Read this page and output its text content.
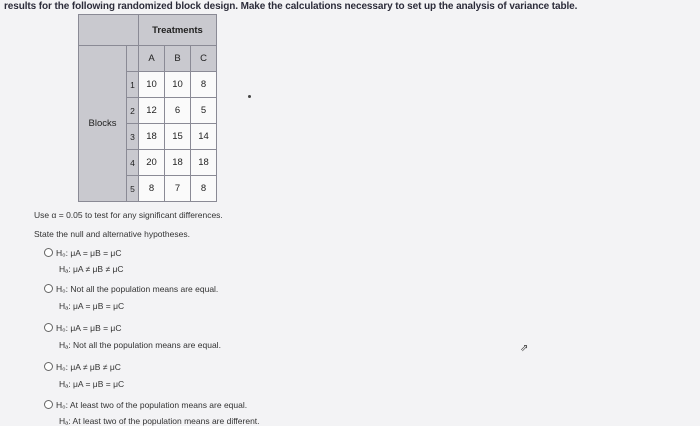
results for the following randomized block design. Make the calculations necessary to set up the analysis of variance table.
		Treatments		
Blocks		A	B	C
	1	10	10	8
	2	12	6	5
	3	18	15	14
	4	20	18	18
	5	8	7	8
Use α = 0.05 to test for any significant differences.
State the null and alternative hypotheses.
H₀: μA = μB = μC
Hₐ: μA ≠ μB ≠ μC
H₀: Not all the population means are equal.
Hₐ: μA = μB = μC
H₀: μA = μB = μC
Hₐ: Not all the population means are equal.
H₀: μA ≠ μB ≠ μC
Hₐ: μA = μB = μC
H₀: At least two of the population means are equal.
Hₐ: At least two of the population means are different.
⇗
